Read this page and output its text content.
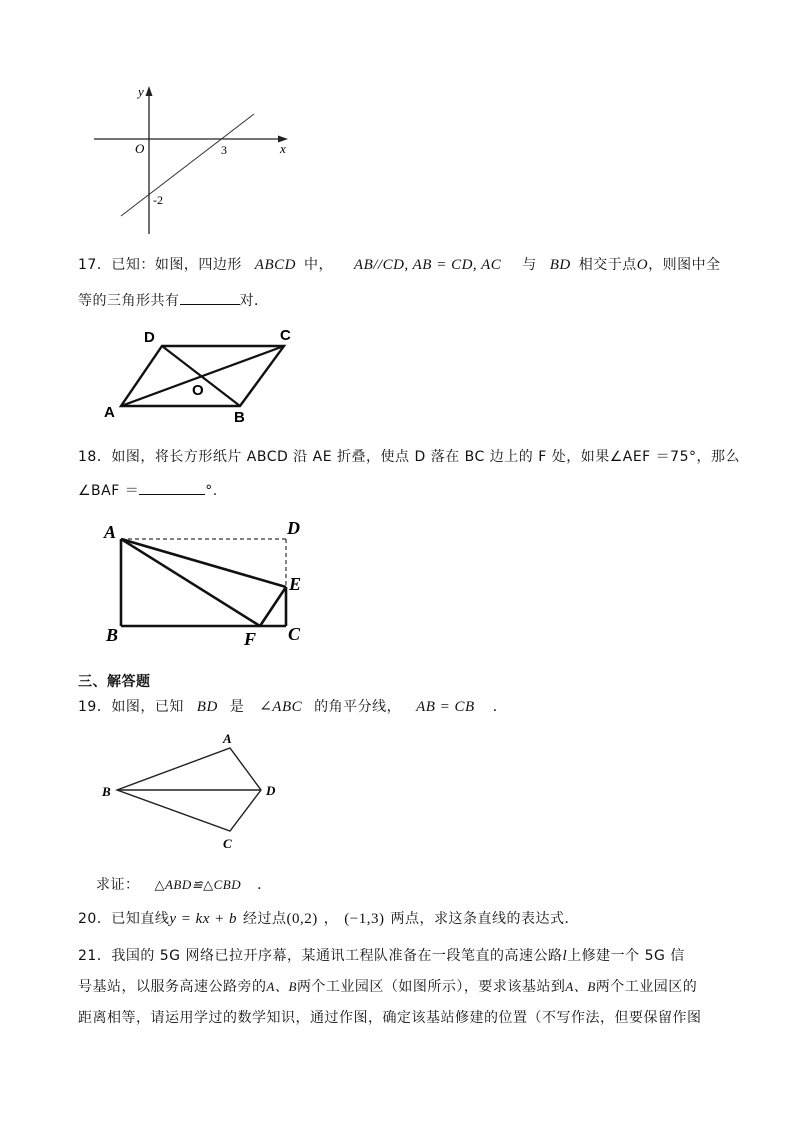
y
x
O	3
-2
17．已知：如图，四边形 ABCD 中， AB//CD, AB = CD, AC 与 BD 相交于点O，则图中全
等的三角形共有	对．
D	C
A	B
O
18．如图，将长方形纸片 ABCD 沿 AE 折叠，使点 D 落在 BC 边上的 F 处，如果∠AEF ＝75°，那么
∠BAF ＝	°.
A	D
E
B	F C
三、解答题
19．如图，已知 BD 是 ∠ABC 的角平分线， AB = CB ．
A
B	D
C
求证： △ABD≌△CBD ．
20．已知直线y = kx + b 经过点(0,2) ， (−1,3) 两点，求这条直线的表达式．
21．我国的 5G 网络已拉开序幕，某通讯工程队准备在一段笔直的高速公路l上修建一个 5G 信
号基站，以服务高速公路旁的A、B两个工业园区（如图所示），要求该基站到A、B两个工业园区的
距离相等，请运用学过的数学知识，通过作图，确定该基站修建的位置（不写作法，但要保留作图
